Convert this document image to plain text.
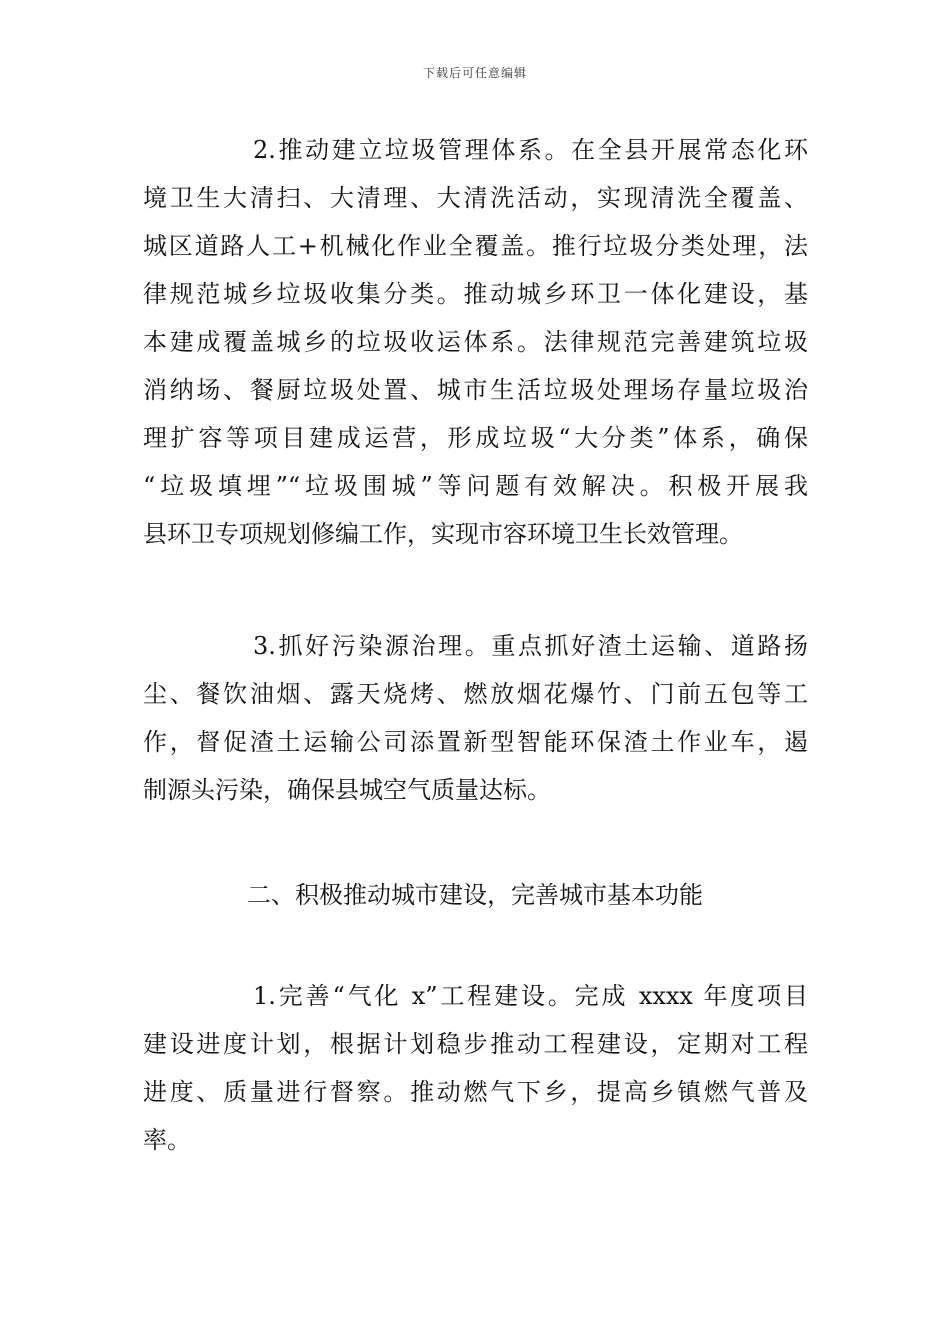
下载后可任意编辑
2.推动建立垃圾管理体系。在全县开展常态化环
境卫生大清扫、大清理、大清洗活动，实现清洗全覆盖、
城区道路人工+机械化作业全覆盖。推行垃圾分类处理，法
律规范城乡垃圾收集分类。推动城乡环卫一体化建设，基
本建成覆盖城乡的垃圾收运体系。法律规范完善建筑垃圾
消纳场、餐厨垃圾处置、城市生活垃圾处理场存量垃圾治
理扩容等项目建成运营，形成垃圾“大分类”体系，确保
“垃圾填埋”“垃圾围城”等问题有效解决。积极开展我
县环卫专项规划修编工作，实现市容环境卫生长效管理。
3.抓好污染源治理。重点抓好渣土运输、道路扬
尘、餐饮油烟、露天烧烤、燃放烟花爆竹、门前五包等工
作，督促渣土运输公司添置新型智能环保渣土作业车，遏
制源头污染，确保县城空气质量达标。
二、积极推动城市建设，完善城市基本功能
1.完善“气化 x”工程建设。完成 xxxx 年度项目
建设进度计划，根据计划稳步推动工程建设，定期对工程
进度、质量进行督察。推动燃气下乡，提高乡镇燃气普及
率。
